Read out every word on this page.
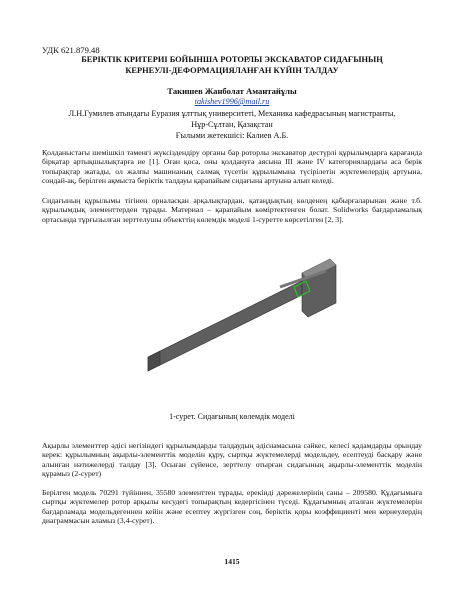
УДК 621.879.48
БЕРІКТІК КРИТЕРИІ БОЙЫНША РОТОРЛЫ ЭКСКАВАТОР СИДАҒЫНЫҢ
КЕРНЕУЛІ-ДЕФОРМАЦИЯЛАНҒАН КҮЙІН ТАЛДАУ
Такишев Жанболат Амантайұлы
takishev1996@mail.ru
Л.Н.Гумилев атындағы Еуразия ұлттық университеті, Механика кафедрасының магистранты,
Нұр-Сұлтан, Қазақстан
Ғылыми жетекшісі: Калиев А.Б.
Қолданыстағы шемішкіл тәменгі жүксіздендіру органы бар роторлы экскаватор дестүрлі құрылымдарға қарағанда бірқатар артықшылықтарға ие [1]. Оған қоса, оны қолдануға аясына III және IV категориялардағы аса берік топырақтар жатады, ол жалпы машинаның салмақ түсетін құрылымына түсірілетін жүктемелердің артуына, сондай-ақ, берілген ақмыста беріктік талдауы қарапайым сидағына артуына алып келеді.
Сидағының құрылымы тігінен орналасқан арқалықтардан, қатаңдықтың көлденең қабырғаларынан және т.б. құрылымдық элементтерден тұрады. Материал – қарапайым көміртектенген болат. Solidworks бағдарламалық ортасында тұрғызылған зерттелушы объекттің көлемдік моделі 1-суретте көрсетілген [2, 3].
1-сурет. Сидағының көлемдік моделі
Ақырлы элементтер әдісі негізіндегі құрылымдарды талдаудың әдіснамасына сәйкес, келесі қадамдарды орындау керек: құрылымның ақырлы-элементтік моделін құру, сыртқы жүктемелерді модельдеу, есептеуді басқару және алынған нәтижелерді талдау [3]. Осыған сүйенсе, зерттелу отырған сидағының ақырлы-элементтік моделін құрамыз (2-сурет)
Берілген модель 70291 түйіннен, 35580 элементтен тұрады, ерекінді дәрежелерінің саны – 209580. Құдағымыға сыртқы жүктемелер ротор арқылы кесудегі топырақтың кедергісінен түседі. Құдағымның аталған жүктемелерін бағдарламада модельдегеннен кейін және есептеу жүргізген соң, беріктік қоры коэффициенті мен кернеулердің диаграммасын аламыз (3,4-сурет).
1415
